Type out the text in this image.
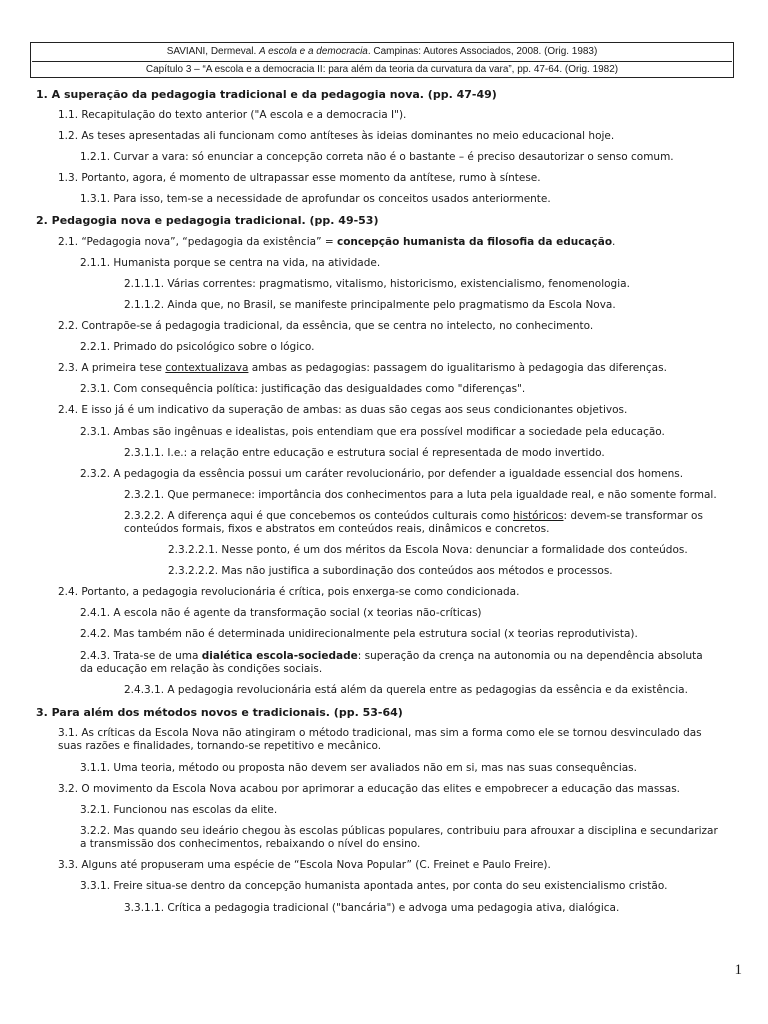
SAVIANI, Dermeval. A escola e a democracia. Campinas: Autores Associados, 2008. (Orig. 1983)
Capítulo 3 – “A escola e a democracia II: para além da teoria da curvatura da vara”, pp. 47-64. (Orig. 1982)

1. A superação da pedagogia tradicional e da pedagogia nova. (pp. 47-49)

1.1. Recapitulação do texto anterior ("A escola e a democracia I").

1.2. As teses apresentadas ali funcionam como antíteses às ideias dominantes no meio educacional hoje.

1.2.1. Curvar a vara: só enunciar a concepção correta não é o bastante – é preciso desautorizar o senso comum.

1.3. Portanto, agora, é momento de ultrapassar esse momento da antítese, rumo à síntese.

1.3.1. Para isso, tem-se a necessidade de aprofundar os conceitos usados anteriormente.

2. Pedagogia nova e pedagogia tradicional. (pp. 49-53)

2.1. “Pedagogia nova”, “pedagogia da existência” = concepção humanista da filosofia da educação.

2.1.1. Humanista porque se centra na vida, na atividade.

2.1.1.1. Várias correntes: pragmatismo, vitalismo, historicismo, existencialismo, fenomenologia.

2.1.1.2. Ainda que, no Brasil, se manifeste principalmente pelo pragmatismo da Escola Nova.

2.2. Contrapõe-se á pedagogia tradicional, da essência, que se centra no intelecto, no conhecimento.

2.2.1. Primado do psicológico sobre o lógico.

2.3. A primeira tese contextualizava ambas as pedagogias: passagem do igualitarismo à pedagogia das diferenças.

2.3.1. Com consequência política: justificação das desigualdades como "diferenças".

2.4. E isso já é um indicativo da superação de ambas: as duas são cegas aos seus condicionantes objetivos.

2.3.1. Ambas são ingênuas e idealistas, pois entendiam que era possível modificar a sociedade pela educação.

2.3.1.1. I.e.: a relação entre educação e estrutura social é representada de modo invertido.

2.3.2. A pedagogia da essência possui um caráter revolucionário, por defender a igualdade essencial dos homens.

2.3.2.1. Que permanece: importância dos conhecimentos para a luta pela igualdade real, e não somente formal.

2.3.2.2. A diferença aqui é que concebemos os conteúdos culturais como históricos: devem-se transformar os

conteúdos formais, fixos e abstratos em conteúdos reais, dinâmicos e concretos.

2.3.2.2.1. Nesse ponto, é um dos méritos da Escola Nova: denunciar a formalidade dos conteúdos.

2.3.2.2.2. Mas não justifica a subordinação dos conteúdos aos métodos e processos.

2.4. Portanto, a pedagogia revolucionária é crítica, pois enxerga-se como condicionada.

2.4.1. A escola não é agente da transformação social (x teorias não-críticas)

2.4.2. Mas também não é determinada unidirecionalmente pela estrutura social (x teorias reprodutivista).

2.4.3. Trata-se de uma dialética escola-sociedade: superação da crença na autonomia ou na dependência absoluta

da educação em relação às condições sociais.

2.4.3.1. A pedagogia revolucionária está além da querela entre as pedagogias da essência e da existência.

3. Para além dos métodos novos e tradicionais. (pp. 53-64)

3.1. As críticas da Escola Nova não atingiram o método tradicional, mas sim a forma como ele se tornou desvinculado das

suas razões e finalidades, tornando-se repetitivo e mecânico.

3.1.1. Uma teoria, método ou proposta não devem ser avaliados não em si, mas nas suas consequências.

3.2. O movimento da Escola Nova acabou por aprimorar a educação das elites e empobrecer a educação das massas.

3.2.1. Funcionou nas escolas da elite.

3.2.2. Mas quando seu ideário chegou às escolas públicas populares, contribuiu para afrouxar a disciplina e secundarizar

a transmissão dos conhecimentos, rebaixando o nível do ensino.

3.3. Alguns até propuseram uma espécie de “Escola Nova Popular” (C. Freinet e Paulo Freire).

3.3.1. Freire situa-se dentro da concepção humanista apontada antes, por conta do seu existencialismo cristão.

3.3.1.1. Crítica a pedagogia tradicional ("bancária") e advoga uma pedagogia ativa, dialógica.

1
